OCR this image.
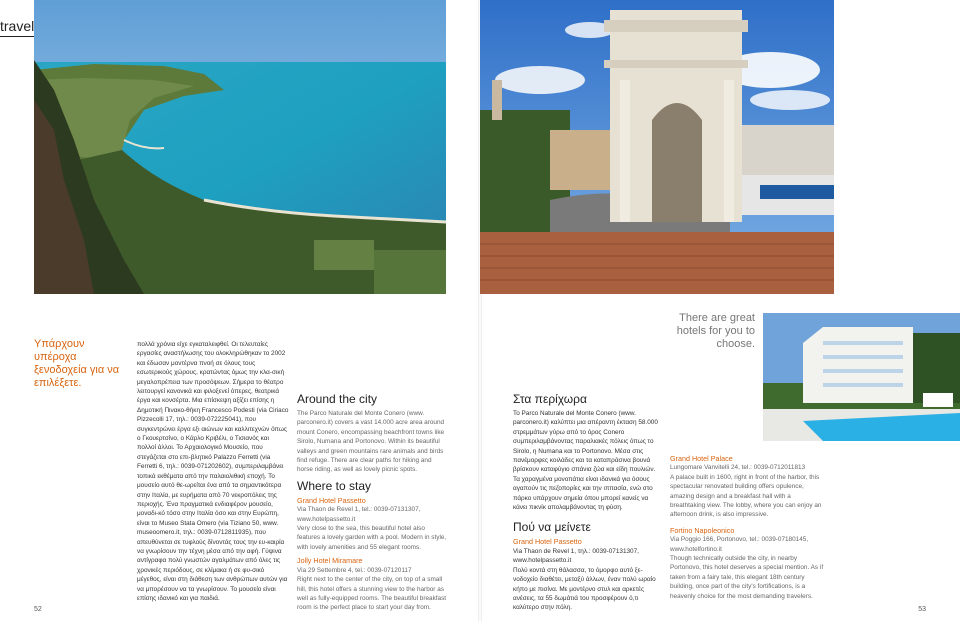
travel
Υπάρχουν υπέροχα ξενοδοχεία για να επιλέξετε.

πολλά χρόνια είχε εγκαταλειφθεί. Οι τελευταίες εργασίες αναστήλωσης του ολοκληρώθηκαν το 2002 και έδωσαν μοντέρνα πνοή σε όλους τους εσωτερικούς χώρους, κρατώντας όμως την κλα-σική μεγαλοπρέπεια των προσόψεων. Σήμερα το θέατρο λειτουργεί κανονικά και φιλοξενεί όπερες, θεατρικά έργα και κονσέρτα. Μια επίσκεψη αξίζει επίσης η Δημοτική Πινακο-θήκη Francesco Podesti (via Ciriaco Pizzecolli 17, τηλ.: 0039-072225041), που συγκεντρώνει έργα εξι αιώνων και καλλιτεχνών όπως ο Γκουερτσίνο, ο Κάρλο Κριβέλι, ο Τισιανός και πολλοί άλλοι. Το Αρχαιολογικό Μουσείο, που στεγάζεται στο επι-βλητικό Palazzo Ferretti (via Ferretti 6, τηλ.: 0039-071202602), συμπεριλαμβάνει τοπικά εκθέματα από την παλαιολιθική εποχή. Το μουσείο αυτό θε-ωρείται ένα από τα σημαντικότερα στην Ιταλία, με ευρήματα από 70 νεκροπόλεις της περιοχής. Ένα πραγματικά ενδιαφέρον μουσείο, μοναδι-κό τόσο στην Ιταλία όσο και στην Ευρώπη, είναι το Museo Stata Omero (via Tiziano 50, www. museoomero.it, τηλ.: 0039-0712811935), που απευθύνεται σε τυφλούς δίνοντάς τους την ευ-καιρία να γνωρίσουν την τέχνη μέσα από την αφή. Γύψινα αντίγραφα πολύ γνωστών αγαλμάτων από όλες τις χρονικές περιόδους, σε κλίμακα ή σε φυ-σικό μέγεθος, είναι στη διάθεση των ανθρώπων αυτών για να μπορέσουν να τα γνωρίσουν. Το μουσείο είναι επίσης ιδανικό και για παιδιά.

Around the city

The Parco Naturale del Monte Conero (www. parconero.it) covers a vast 14.000 acre area around mount Conero, encompassing beachfront towns like Sirolo, Numana and Portonovo. Within its beautiful valleys and green mountains rare animals and birds find refuge. There are clear paths for hiking and horse riding, as well as lovely picnic spots.

Where to stay
Grand Hotel Passetto

Via Thaon de Revel 1, tel.: 0039-07131307, www.hotelpassetto.it

Very close to the sea, this beautiful hotel also features a lovely garden with a pool. Modern in style, with lovely amenities and 55 elegant rooms.

Jolly Hotel Miramare

Via 29 Settembre 4, tel.: 0039-07120117

Right next to the center of the city, on top of a small hill, this hotel offers a stunning view to the harbor as well as fully-equipped rooms. The beautiful breakfast room is the perfect place to start your day from.

52
There are great hotels for you to choose.
Στα περίχωρα

Το Parco Naturale del Monte Conero (www. parconero.it) καλύπτει μια απέραντη έκταση 58.000 στρεμμάτων γύρω από το όρος Conero συμπεριλαμβάνοντας παραλιακές πόλεις όπως το Sirolo, η Numana και το Portonovo. Μέσα στις πανέμορφες κοιλάδες και τα καταπράσινα βουνά βρίσκουν καταφύγιο σπάνια ζώα και είδη πουλιών. Τα χαραγμένα μονοπάτια είναι ιδανικά για όσους αγαπούν τις πεζοπορίες και την ιππασία, ενώ στο πάρκο υπάρχουν σημεία όπου μπορεί κανείς να κάνει πικνίκ απολαμβάνοντας τη φύση.

Πού να μείνετε
Grand Hotel Passetto

Via Thaon de Revel 1, τηλ.: 0039-07131307, www.hotelpassetto.it

Πολύ κοντά στη θάλασσα, το όμορφο αυτό ξε-νοδοχείο διαθέτει, μεταξύ άλλων, έναν πολύ ωραίο κήπο με πισίνα. Με μοντέρνο στυλ και αρκετές ανέσεις, τα 55 δωμάτιά του προσφέρουν ό,τι καλύτερο στην πόλη.

Grand Hotel Palace

Lungomare Vanvitelli 24, tel.: 0039-0712011813

A palace built in 1600, right in front of the harbor, this spectacular renovated building offers opulence, amazing design and a breakfast hall with a breathtaking view. The lobby, where you can enjoy an afternoon drink, is also impressive.

Fortino Napoleonico

Via Poggio 166, Portonovo, tel.: 0039-07180145, www.hotelfortino.it

Though technically outside the city, in nearby Portonovo, this hotel deserves a special mention. As if taken from a fairy tale, this elegant 18th century building, once part of the city's fortifications, is a heavenly choice for the most demanding travelers.

53
